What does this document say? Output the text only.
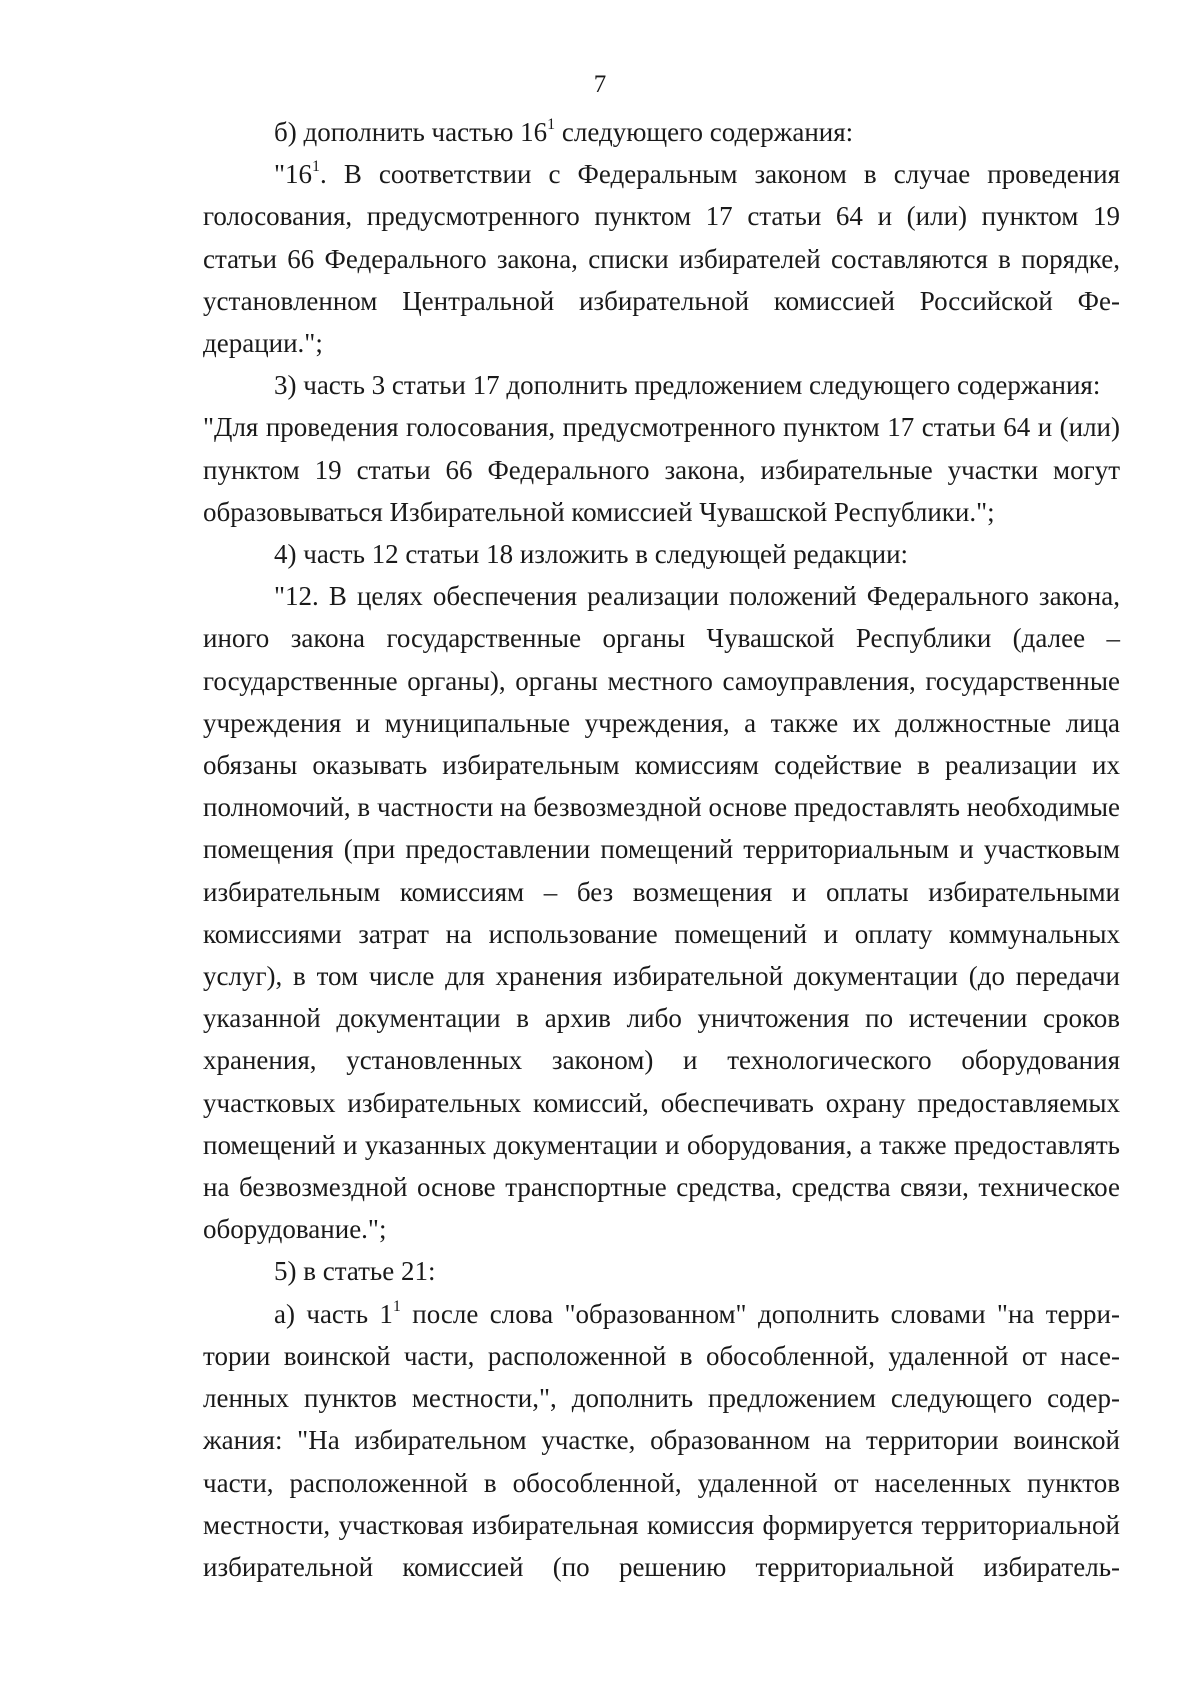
7

б) дополнить частью $16^1$ следующего содержания:

"$16^1$. В соответствии с Федеральным законом в случае проведения голосования, предусмотренного пунктом 17 статьи 64 и (или) пунктом 19 статьи 66 Федерального закона, списки избирателей составляются в порядке, установленном Центральной избирательной комиссией Российской Федерации.";

3) часть 3 статьи 17 дополнить предложением следующего содержания:

"Для проведения голосования, предусмотренного пунктом 17 статьи 64 и (или) пунктом 19 статьи 66 Федерального закона, избирательные участки могут образовываться Избирательной комиссией Чувашской Республики.";

4) часть 12 статьи 18 изложить в следующей редакции:

"12. В целях обеспечения реализации положений Федерального закона, иного закона государственные органы Чувашской Республики (далее – государственные органы), органы местного самоуправления, государственные учреждения и муниципальные учреждения, а также их должностные лица обязаны оказывать избирательным комиссиям содействие в реализации их полномочий, в частности на безвозмездной основе предоставлять необходимые помещения (при предоставлении помещений территориальным и участковым избирательным комиссиям – без возмещения и оплаты избирательными комиссиями затрат на использование помещений и оплату коммунальных услуг), в том числе для хранения избирательной документации (до передачи указанной документации в архив либо уничтожения по истечении сроков хранения, установленных законом) и технологического оборудования участковых избирательных комиссий, обеспечивать охрану предоставляемых помещений и указанных документации и оборудования, а также предоставлять на безвозмездной основе транспортные средства, средства связи, техническое оборудование.";

5) в статье 21:

а) часть $1^1$ после слова "образованном" дополнить словами "на территории воинской части, расположенной в обособленной, удаленной от населенных пунктов местности,", дополнить предложением следующего содержания: "На избирательном участке, образованном на территории воинской части, расположенной в обособленной, удаленной от населенных пунктов местности, участковая избирательная комиссия формируется территориальной избирательной комиссией (по решению территориальной избиратель-
